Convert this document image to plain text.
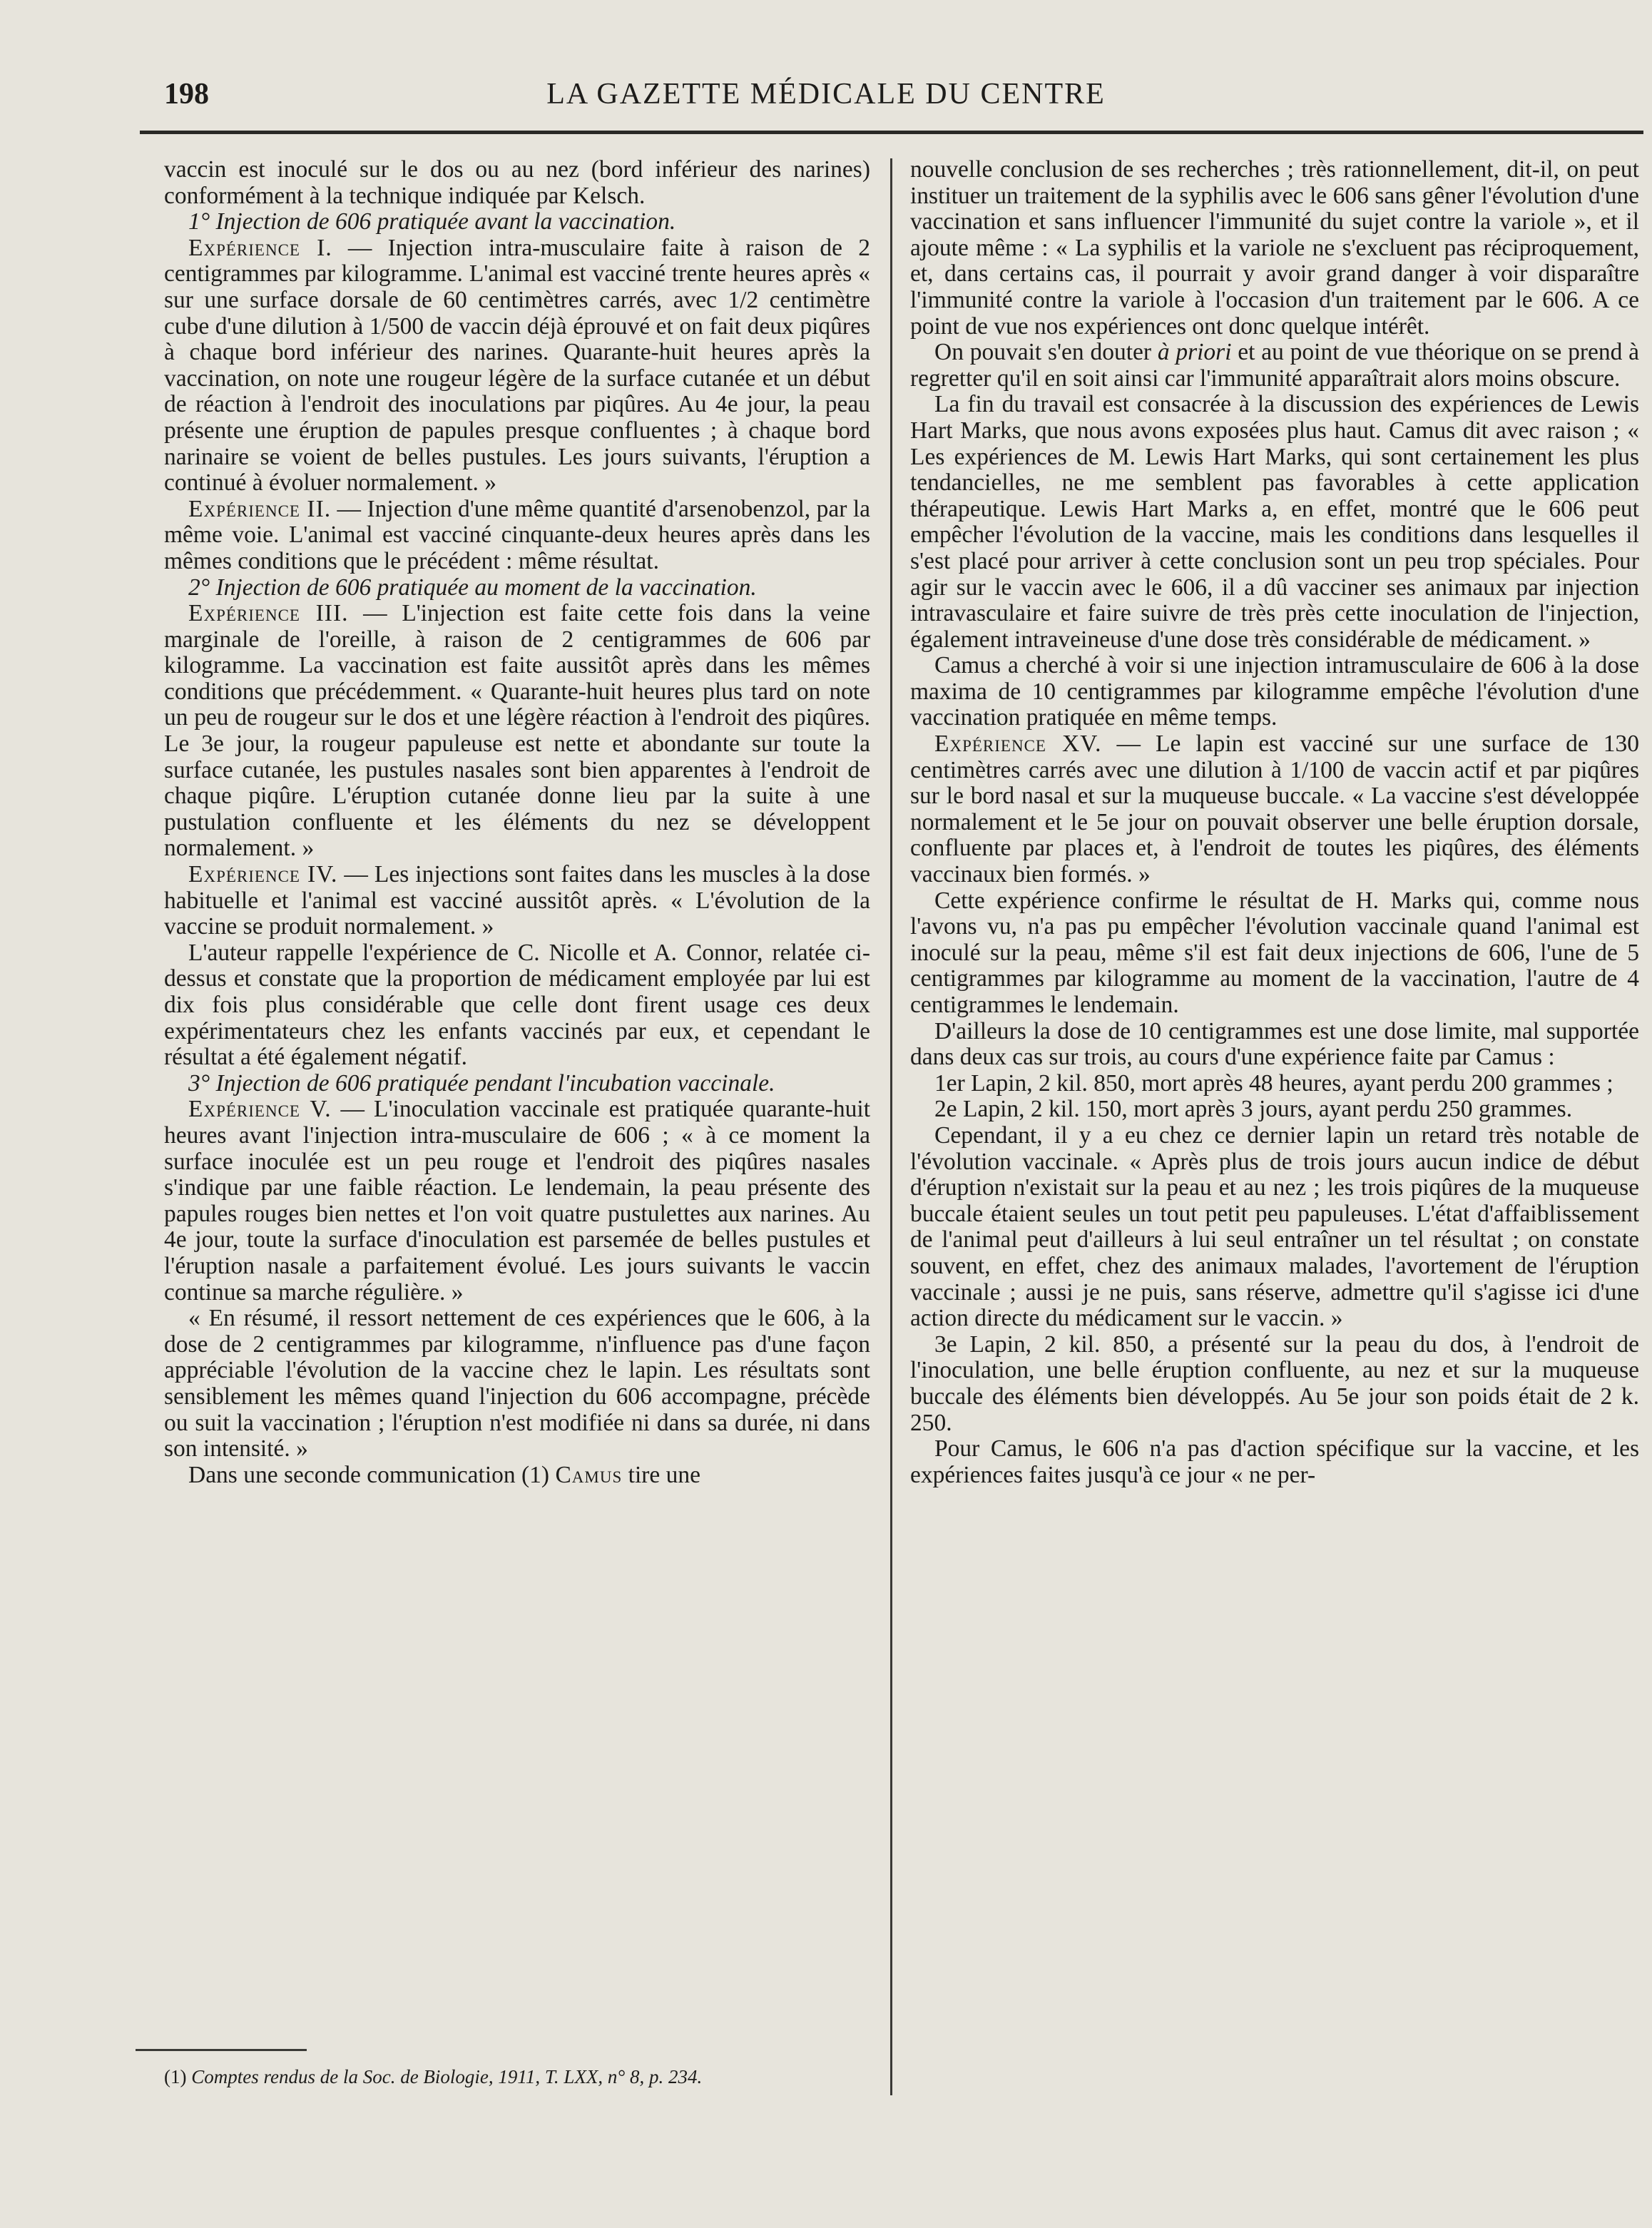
198	LA GAZETTE MÉDICALE DU CENTRE

vaccin est inoculé sur le dos ou au nez (bord inférieur des narines) conformément à la technique indiquée par Kelsch.

1° Injection de 606 pratiquée avant la vaccination.

Expérience I. — Injection intra-musculaire faite à raison de 2 centigrammes par kilogramme. L'animal est vacciné trente heures après « sur une surface dorsale de 60 centimètres carrés, avec 1/2 centimètre cube d'une dilution à 1/500 de vaccin déjà éprouvé et on fait deux piqûres à chaque bord inférieur des narines. Quarante-huit heures après la vaccination, on note une rougeur légère de la surface cutanée et un début de réaction à l'endroit des inoculations par piqûres. Au 4e jour, la peau présente une éruption de papules presque confluentes ; à chaque bord narinaire se voient de belles pustules. Les jours suivants, l'éruption a continué à évoluer normalement. »

Expérience II. — Injection d'une même quantité d'arsenobenzol, par la même voie. L'animal est vacciné cinquante-deux heures après dans les mêmes conditions que le précédent : même résultat.

2° Injection de 606 pratiquée au moment de la vaccination.

Expérience III. — L'injection est faite cette fois dans la veine marginale de l'oreille, à raison de 2 centigrammes de 606 par kilogramme. La vaccination est faite aussitôt après dans les mêmes conditions que précédemment. « Quarante-huit heures plus tard on note un peu de rougeur sur le dos et une légère réaction à l'endroit des piqûres. Le 3e jour, la rougeur papuleuse est nette et abondante sur toute la surface cutanée, les pustules nasales sont bien apparentes à l'endroit de chaque piqûre. L'éruption cutanée donne lieu par la suite à une pustulation confluente et les éléments du nez se développent normalement. »

Expérience IV. — Les injections sont faites dans les muscles à la dose habituelle et l'animal est vacciné aussitôt après. « L'évolution de la vaccine se produit normalement. »

L'auteur rappelle l'expérience de C. Nicolle et A. Connor, relatée ci-dessus et constate que la proportion de médicament employée par lui est dix fois plus considérable que celle dont firent usage ces deux expérimentateurs chez les enfants vaccinés par eux, et cependant le résultat a été également négatif.

3° Injection de 606 pratiquée pendant l'incubation vaccinale.

Expérience V. — L'inoculation vaccinale est pratiquée quarante-huit heures avant l'injection intra-musculaire de 606 ; « à ce moment la surface inoculée est un peu rouge et l'endroit des piqûres nasales s'indique par une faible réaction. Le lendemain, la peau présente des papules rouges bien nettes et l'on voit quatre pustulettes aux narines. Au 4e jour, toute la surface d'inoculation est parsemée de belles pustules et l'éruption nasale a parfaitement évolué. Les jours suivants le vaccin continue sa marche régulière. »

« En résumé, il ressort nettement de ces expériences que le 606, à la dose de 2 centigrammes par kilogramme, n'influence pas d'une façon appréciable l'évolution de la vaccine chez le lapin. Les résultats sont sensiblement les mêmes quand l'injection du 606 accompagne, précède ou suit la vaccination ; l'éruption n'est modifiée ni dans sa durée, ni dans son intensité. »

Dans une seconde communication (1) Camus tire une

nouvelle conclusion de ses recherches ; très rationnellement, dit-il, on peut instituer un traitement de la syphilis avec le 606 sans gêner l'évolution d'une vaccination et sans influencer l'immunité du sujet contre la variole », et il ajoute même : « La syphilis et la variole ne s'excluent pas réciproquement, et, dans certains cas, il pourrait y avoir grand danger à voir disparaître l'immunité contre la variole à l'occasion d'un traitement par le 606. A ce point de vue nos expériences ont donc quelque intérêt.

On pouvait s'en douter à priori et au point de vue théorique on se prend à regretter qu'il en soit ainsi car l'immunité apparaîtrait alors moins obscure.

La fin du travail est consacrée à la discussion des expériences de Lewis Hart Marks, que nous avons exposées plus haut. Camus dit avec raison ; « Les expériences de M. Lewis Hart Marks, qui sont certainement les plus tendancielles, ne me semblent pas favorables à cette application thérapeutique. Lewis Hart Marks a, en effet, montré que le 606 peut empêcher l'évolution de la vaccine, mais les conditions dans lesquelles il s'est placé pour arriver à cette conclusion sont un peu trop spéciales. Pour agir sur le vaccin avec le 606, il a dû vacciner ses animaux par injection intravasculaire et faire suivre de très près cette inoculation de l'injection, également intraveineuse d'une dose très considérable de médicament. »

Camus a cherché à voir si une injection intramusculaire de 606 à la dose maxima de 10 centigrammes par kilogramme empêche l'évolution d'une vaccination pratiquée en même temps.

Expérience XV. — Le lapin est vacciné sur une surface de 130 centimètres carrés avec une dilution à 1/100 de vaccin actif et par piqûres sur le bord nasal et sur la muqueuse buccale. « La vaccine s'est développée normalement et le 5e jour on pouvait observer une belle éruption dorsale, confluente par places et, à l'endroit de toutes les piqûres, des éléments vaccinaux bien formés. »

Cette expérience confirme le résultat de H. Marks qui, comme nous l'avons vu, n'a pas pu empêcher l'évolution vaccinale quand l'animal est inoculé sur la peau, même s'il est fait deux injections de 606, l'une de 5 centigrammes par kilogramme au moment de la vaccination, l'autre de 4 centigrammes le lendemain.

D'ailleurs la dose de 10 centigrammes est une dose limite, mal supportée dans deux cas sur trois, au cours d'une expérience faite par Camus :

1er Lapin, 2 kil. 850, mort après 48 heures, ayant perdu 200 grammes ;

2e Lapin, 2 kil. 150, mort après 3 jours, ayant perdu 250 grammes.

Cependant, il y a eu chez ce dernier lapin un retard très notable de l'évolution vaccinale. « Après plus de trois jours aucun indice de début d'éruption n'existait sur la peau et au nez ; les trois piqûres de la muqueuse buccale étaient seules un tout petit peu papuleuses. L'état d'affaiblissement de l'animal peut d'ailleurs à lui seul entraîner un tel résultat ; on constate souvent, en effet, chez des animaux malades, l'avortement de l'éruption vaccinale ; aussi je ne puis, sans réserve, admettre qu'il s'agisse ici d'une action directe du médicament sur le vaccin. »

3e Lapin, 2 kil. 850, a présenté sur la peau du dos, à l'endroit de l'inoculation, une belle éruption confluente, au nez et sur la muqueuse buccale des éléments bien développés. Au 5e jour son poids était de 2 k. 250.

Pour Camus, le 606 n'a pas d'action spécifique sur la vaccine, et les expériences faites jusqu'à ce jour « ne per-

(1) Comptes rendus de la Soc. de Biologie, 1911, T. LXX, n° 8, p. 234.
